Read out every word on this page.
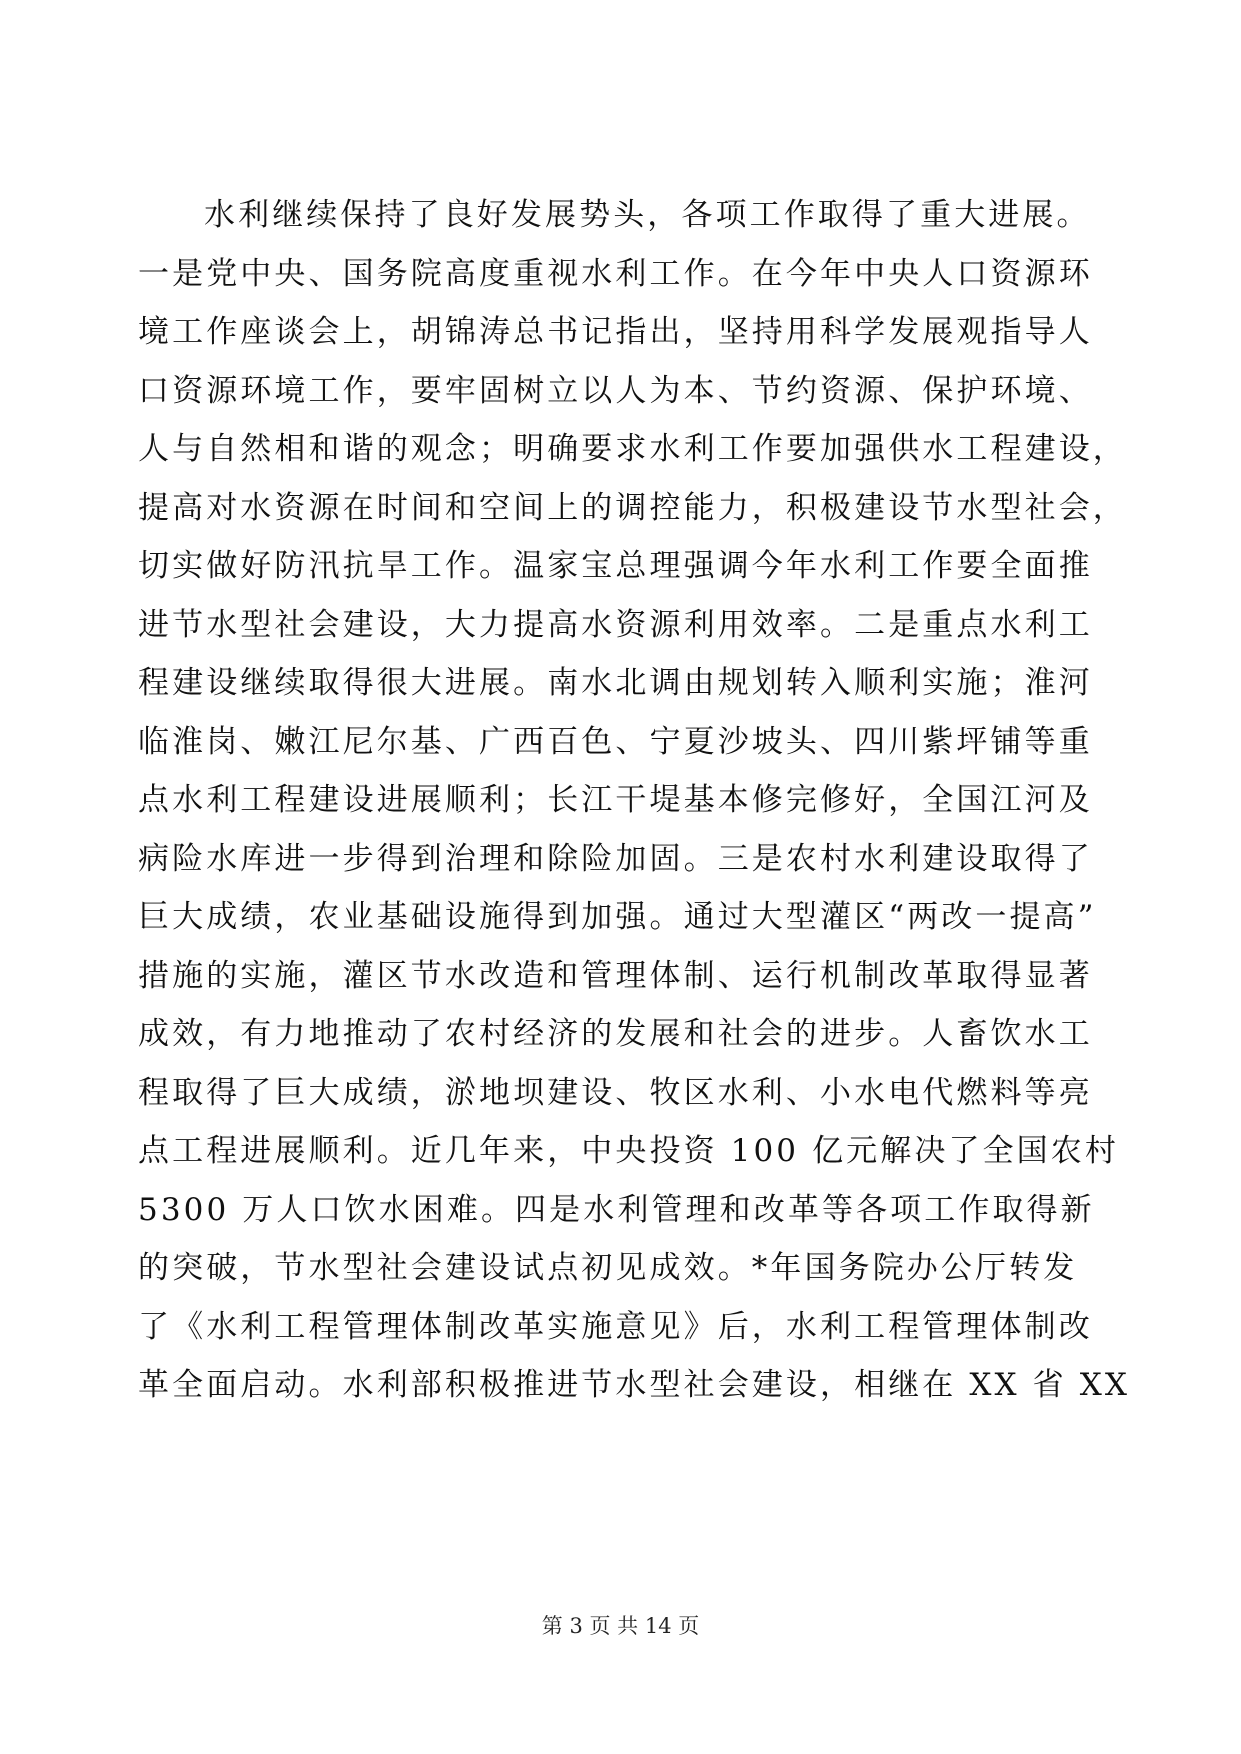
水利继续保持了良好发展势头，各项工作取得了重大进展。
一是党中央、国务院高度重视水利工作。在今年中央人口资源环
境工作座谈会上，胡锦涛总书记指出，坚持用科学发展观指导人
口资源环境工作，要牢固树立以人为本、节约资源、保护环境、
人与自然相和谐的观念；明确要求水利工作要加强供水工程建设，
提高对水资源在时间和空间上的调控能力，积极建设节水型社会，
切实做好防汛抗旱工作。温家宝总理强调今年水利工作要全面推
进节水型社会建设，大力提高水资源利用效率。二是重点水利工
程建设继续取得很大进展。南水北调由规划转入顺利实施；淮河
临淮岗、嫩江尼尔基、广西百色、宁夏沙坡头、四川紫坪铺等重
点水利工程建设进展顺利；长江干堤基本修完修好，全国江河及
病险水库进一步得到治理和除险加固。三是农村水利建设取得了
巨大成绩，农业基础设施得到加强。通过大型灌区“两改一提高”
措施的实施，灌区节水改造和管理体制、运行机制改革取得显著
成效，有力地推动了农村经济的发展和社会的进步。人畜饮水工
程取得了巨大成绩，淤地坝建设、牧区水利、小水电代燃料等亮
点工程进展顺利。近几年来，中央投资 100 亿元解决了全国农村
5300 万人口饮水困难。四是水利管理和改革等各项工作取得新
的突破，节水型社会建设试点初见成效。*年国务院办公厅转发
了《水利工程管理体制改革实施意见》后，水利工程管理体制改
革全面启动。水利部积极推进节水型社会建设，相继在 XX 省 XX
第 3 页 共 14 页
